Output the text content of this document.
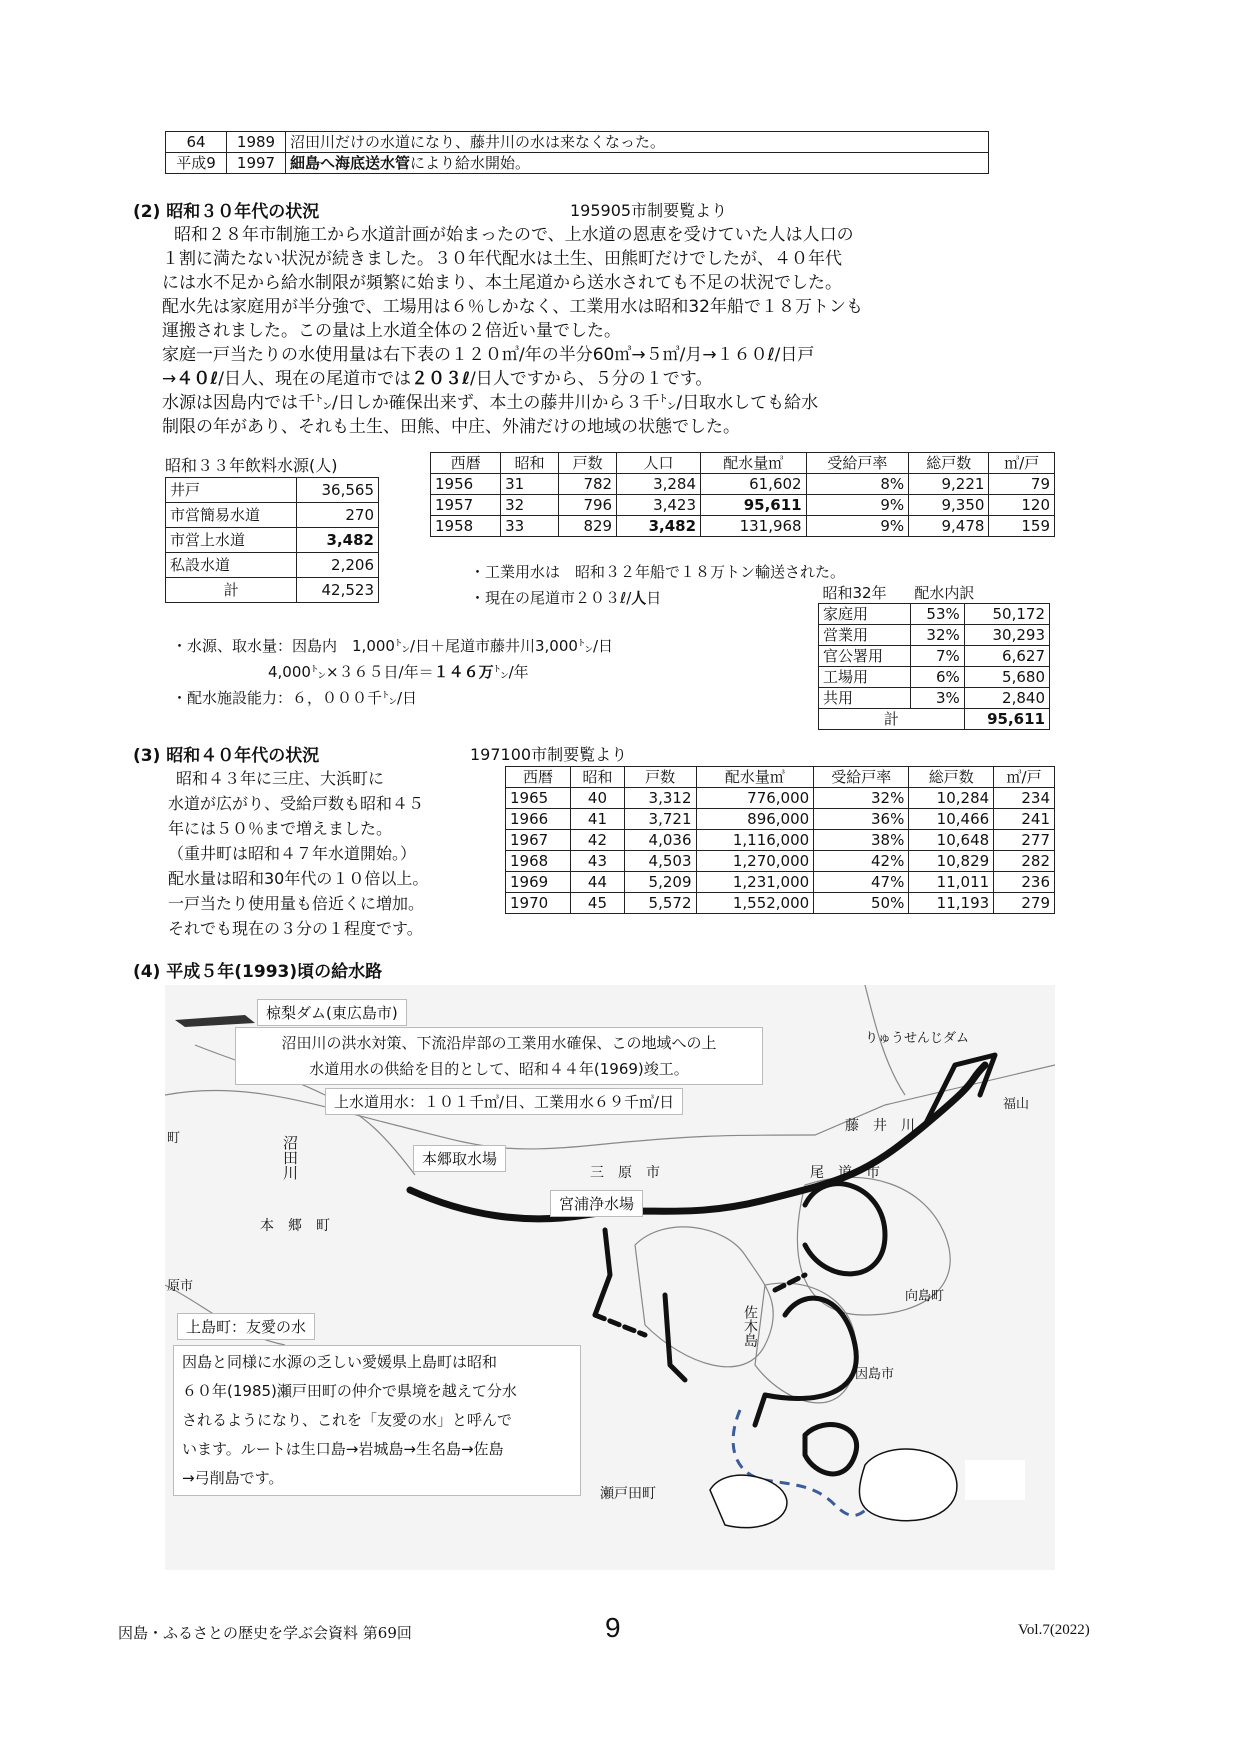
64	1989	沼田川だけの水道になり、藤井川の水は来なくなった。
平成9	1997	細島へ海底送水管により給水開始。
(2) 昭和３０年代の状況	195905市制要覧より
昭和２８年市制施工から水道計画が始まったので、上水道の恩恵を受けていた人は人口の
１割に満たない状況が続きました。３０年代配水は土生、田熊町だけでしたが、４０年代
には水不足から給水制限が頻繁に始まり、本土尾道から送水されても不足の状況でした。
配水先は家庭用が半分強で、工場用は６％しかなく、工業用水は昭和32年船で１８万トンも
運搬されました。この量は上水道全体の２倍近い量でした。
家庭一戸当たりの水使用量は右下表の１２０㎥/年の半分60㎥→５㎥/月→１６０ℓ/日戸
→４０ℓ/日人、現在の尾道市では２０３ℓ/日人ですから、５分の１です。
水源は因島内では千㌧/日しか確保出来ず、本土の藤井川から３千㌧/日取水しても給水
制限の年があり、それも土生、田熊、中庄、外浦だけの地域の状態でした。
昭和３３年飲料水源(人)
井戸	36,565
市営簡易水道	270
市営上水道	3,482
私設水道	2,206
計	42,523
西暦	昭和	戸数	人口	配水量㎥	受給戸率	総戸数	㎥/戸
1956	31	782	3,284	61,602	8%	9,221	79
1957	32	796	3,423	95,611	9%	9,350	120
1958	33	829	3,482	131,968	9%	9,478	159
・工業用水は　昭和３２年船で１８万トン輸送された。
・現在の尾道市２０３ℓ/人日	昭和32年	配水内訳	
家庭用	53%	50,172
営業用	32%	30,293
官公署用	7%	6,627
工場用	6%	5,680
共用	3%	2,840
計		95,611
・水源、取水量：因島内　1,000㌧/日＋尾道市藤井川3,000㌧/日
4,000㌧×３６５日/年＝１４６万㌧/年
・配水施設能力：６，０００千㌧/日
(3) 昭和４０年代の状況	197100市制要覧より
昭和４３年に三庄、大浜町に
水道が広がり、受給戸数も昭和４５
年には５０％まで増えました。
（重井町は昭和４７年水道開始。）
配水量は昭和30年代の１０倍以上。
一戸当たり使用量も倍近くに増加。
それでも現在の３分の１程度です。
西暦	昭和	戸数	配水量㎥	受給戸率	総戸数	㎥/戸
1965	40	3,312	776,000	32%	10,284	234
1966	41	3,721	896,000	36%	10,466	241
1967	42	4,036	1,116,000	38%	10,648	277
1968	43	4,503	1,270,000	42%	10,829	282
1969	44	5,209	1,231,000	47%	11,011	236
1970	45	5,572	1,552,000	50%	11,193	279
(4) 平成５年(1993)頃の給水路
椋梨ダム(東広島市)
沼田川の洪水対策、下流沿岸部の工業用水確保、この地域への上
水道用水の供給を目的として、昭和４４年(1969)竣工。
上水道用水：１０１千㎥/日、工業用水６９千㎥/日
本郷取水場
宮浦浄水場
上島町：友愛の水
因島と同様に水源の乏しい愛媛県上島町は昭和
６０年(1985)瀬戸田町の仲介で県境を越えて分水
されるようになり、これを「友愛の水」と呼んで
います。ルートは生口島→岩城島→生名島→佐島
→弓削島です。
三　原　市	尾　道　市
藤　井　川
りゅうせんじダム
福山
沼田川
本　郷　町
向島町
佐木島
因島市
瀬戸田町
町
原市
因島・ふるさとの歴史を学ぶ会資料 第69回	9	Vol.7(2022)
